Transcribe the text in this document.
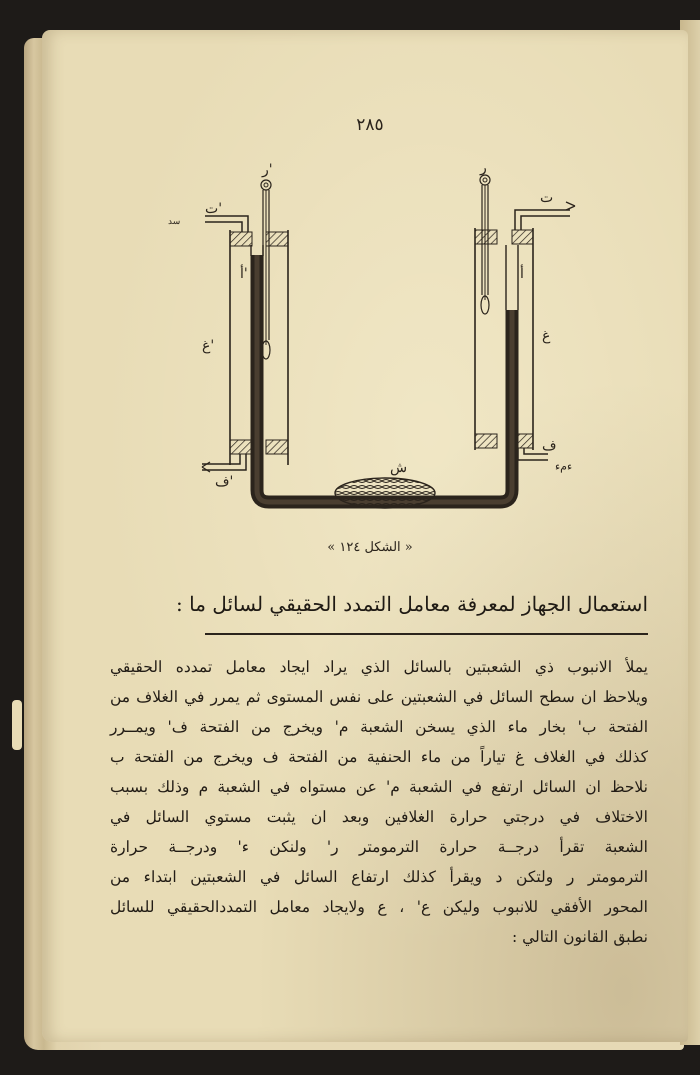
٢٨٥
ر'	ر
ت'
ت
أ'	أ
غ'
غ
ف'
ف
ش	ءمء
سد
« الشكل ١٢٤ »
استعمال الجهاز لمعرفة معامل التمدد الحقيقي لسائل ما :
يملأ الانبوب ذي الشعبتين بالسائل الذي يراد ايجاد معامل تمدده الحقيقي
ويلاحظ ان سطح السائل في الشعبتين على نفس المستوى ثم يمرر في الغلاف من
الفتحة ب' بخار ماء الذي يسخن الشعبة م' ويخرج من الفتحة ف' ويمــرر
كذلك في الغلاف غ تياراً من ماء الحنفية من الفتحة ف ويخرج من الفتحة ب
نلاحظ ان السائل ارتفع في الشعبة م' عن مستواه في الشعبة م وذلك بسبب
الاختلاف في درجتي حرارة الغلافين وبعد ان يثبت مستوي السائل في
الشعبة تقرأ درجــة حرارة الترمومتر ر' ولنكن ء' ودرجــة حرارة
الترمومتر ر ولتكن د ويقرأ كذلك ارتفاع السائل في الشعبتين ابتداء من
المحور الأفقي للانبوب وليكن ع' ، ع ولايجاد معامل التمددالحقيقي للسائل
نطبق القانون التالي :
